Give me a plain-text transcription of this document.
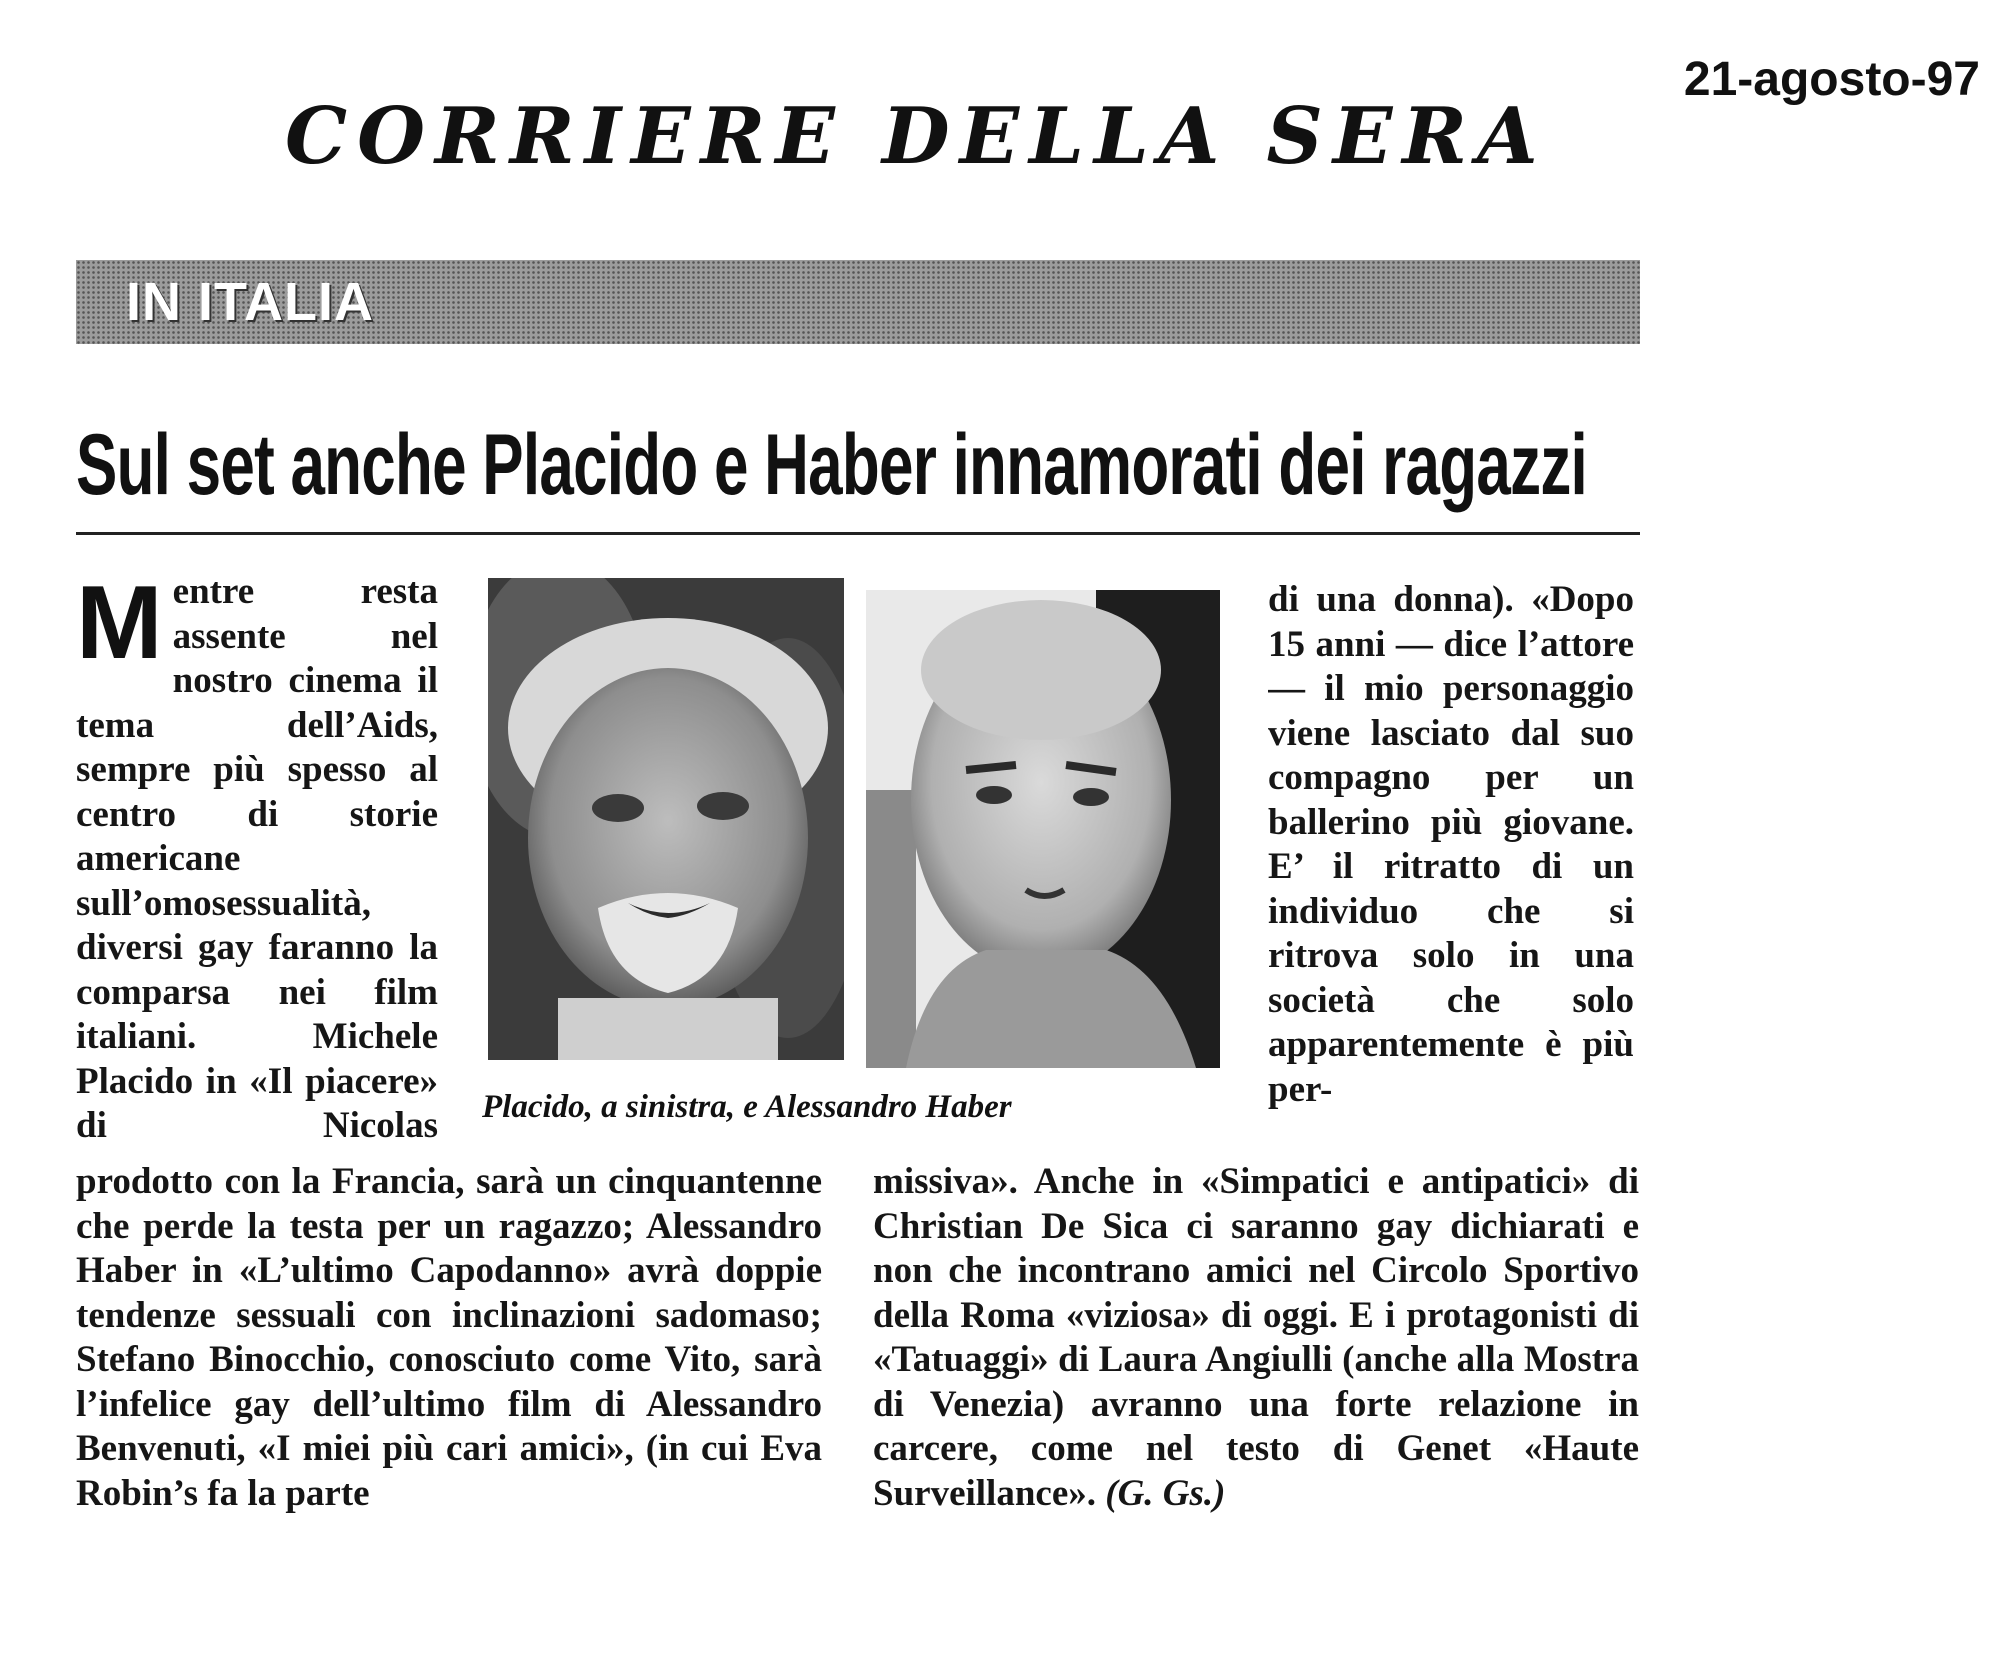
CORRIERE DELLA SERA
21-agosto-97
IN ITALIA
Sul set anche Placido e Haber innamorati dei ragazzi
Mentre resta assente nel nostro cinema il tema dell’Aids, sempre più spesso al centro di storie americane sull’omosessualità, diversi gay faranno la comparsa nei film italiani. Michele Placido in «Il piacere» di Nicolas Placido, a sinistra, e Alessandro Haber
di una donna). «Dopo 15 anni — dice l’attore — il mio personaggio viene lasciato dal suo compagno per un ballerino più giovane. E’ il ritratto di un individuo che si ritrova solo in una società che solo apparentemente è più per-
prodotto con la Francia, sarà un cinquantenne che perde la testa per un ragazzo; Alessandro Haber in «L’ultimo Capodanno» avrà doppie tendenze sessuali con inclinazioni sadomaso; Stefano Binocchio, conosciuto come Vito, sarà l’infelice gay dell’ultimo film di Alessandro Benvenuti, «I miei più cari amici», (in cui Eva Robin’s fa la parte
missiva». Anche in «Simpatici e antipatici» di Christian De Sica ci saranno gay dichiarati e non che incontrano amici nel Circolo Sportivo della Roma «viziosa» di oggi. E i protagonisti di «Tatuaggi» di Laura Angiulli (anche alla Mostra di Venezia) avranno una forte relazione in carcere, come nel testo di Genet «Haute Surveillance». (G. Gs.)
